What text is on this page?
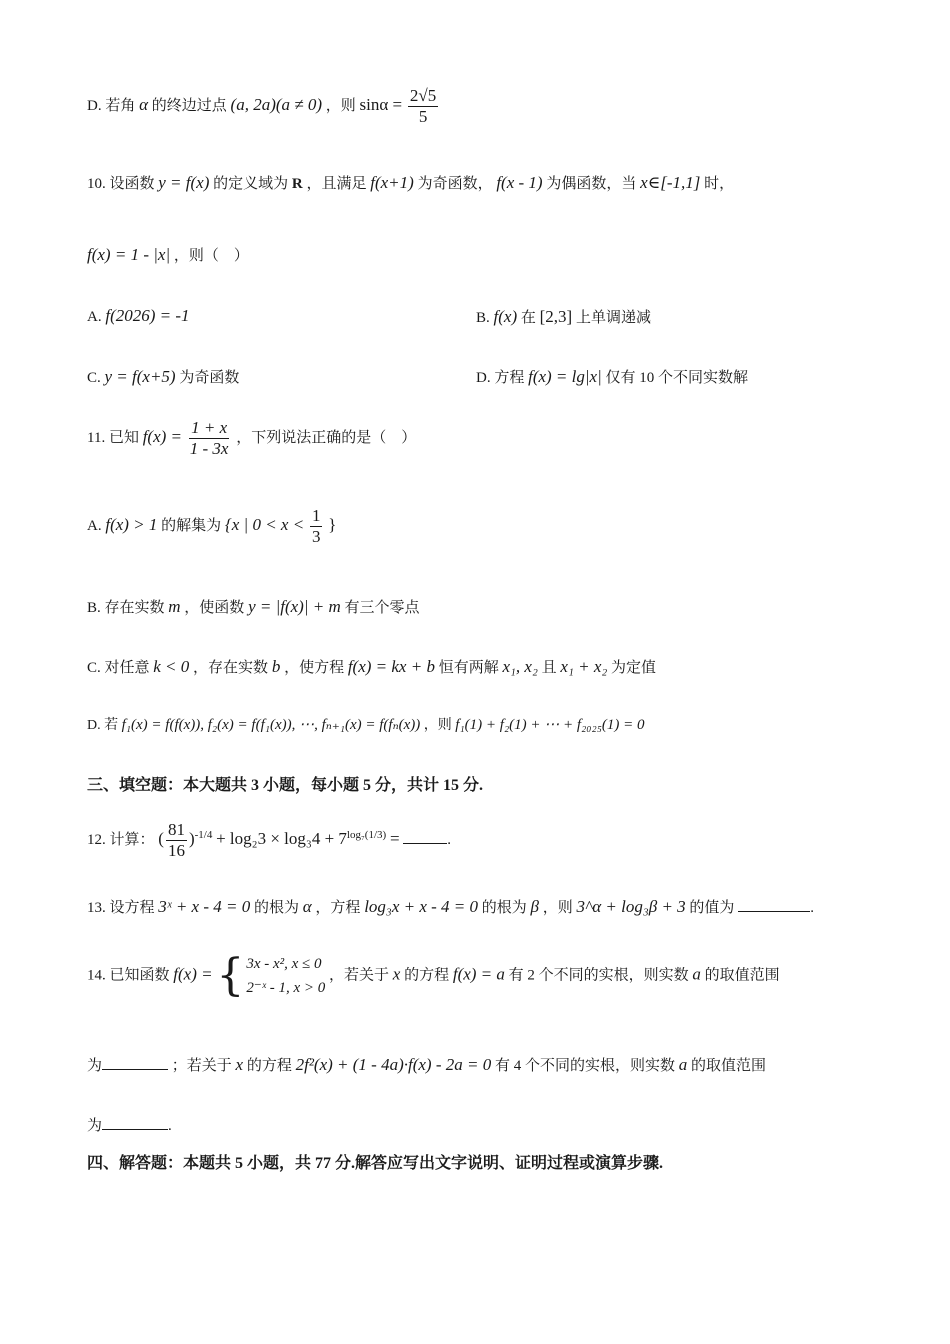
D. 若角 α 的终边过点 (a, 2a)(a ≠ 0) ，则 $\sin\alpha = \frac{2√5}{5}$
10. 设函数 y = f(x) 的定义域为 R ，且满足 f(x+1) 为奇函数， f(x - 1) 为偶函数，当 x∈[-1,1] 时，
f(x) = 1 - |x| ，则（　）
A. f(2026) = -1	B. f(x) 在 [2,3] 上单调递减
C. y = f(x+5) 为奇函数	D. 方程 f(x) = lg|x| 仅有 10 个不同实数解
11. 已知 $f(x) = \frac{1 + x}{1 - 3x}$ ，下列说法正确的是（　）
A. f(x) > 1 的解集为 {x | $0 < x < \frac{1}{3}$ }
B. 存在实数 m ，使函数 y = |f(x)| + m 有三个零点
C. 对任意 k < 0 ，存在实数 b ，使方程 f(x) = kx + b 恒有两解 x₁, x₂ 且 x₁ + x₂ 为定值
D. 若 f₁(x) = f(f(x)), f₂(x) = f(f₁(x)), ⋯, fₙ₊₁(x) = f(fₙ(x)) ，则 f₁(1) + f₂(1) + ⋯ + f₂₀₂₅(1) = 0
三、填空题：本大题共 3 小题，每小题 5 分，共计 15 分.
12. 计算： ( $\frac{81}{16} )^{-1/4} + \log_23 \times \log_34 + 7^{log_7(1/3)}$ =	.
13. 设方程 3ˣ + x - 4 = 0 的根为 α ，方程 log₃x + x - 4 = 0 的根为 β ，则 3^α + log₃β + 3 的值为	.
14. 已知函数 f(x) = { 3x - x², x ≤ 0
2⁻ˣ - 1, x > 0
，若关于 x 的方程 f(x) = a 有 2 个不同的实根，则实数 a 的取值范围
为	；若关于 x 的方程 2f²(x) + (1 - 4a)·f(x) - 2a = 0 有 4 个不同的实根，则实数 a 的取值范围
为	.
四、解答题：本题共 5 小题，共 77 分.解答应写出文字说明、证明过程或演算步骤.
